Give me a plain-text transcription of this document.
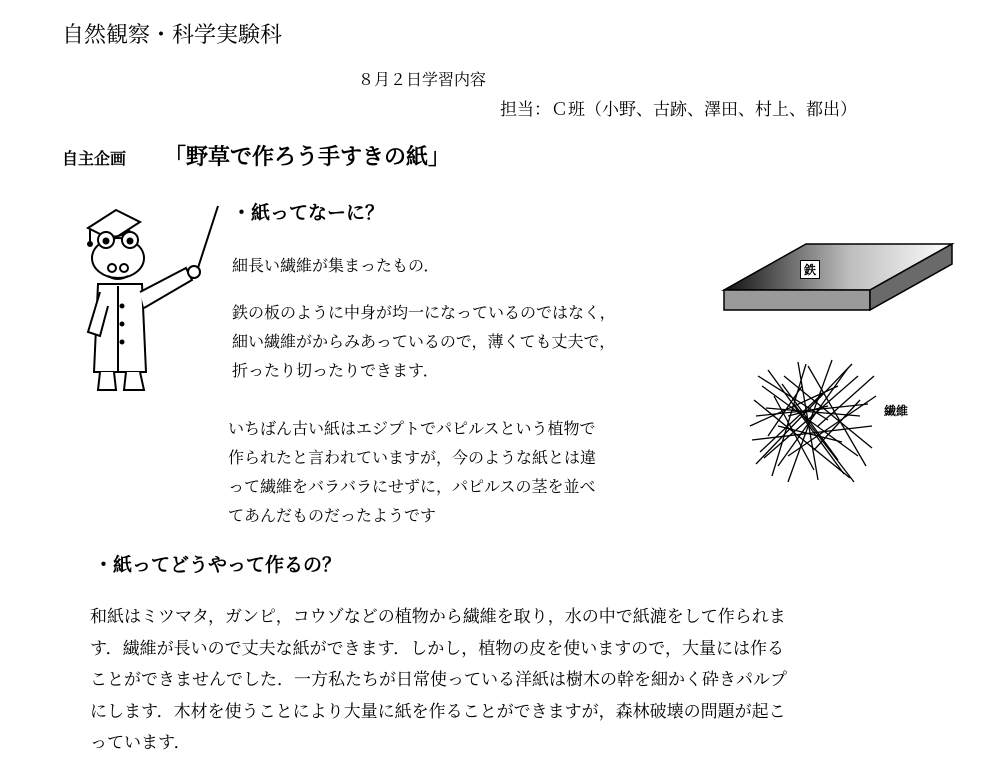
自然観察・科学実験科
８月２日学習内容
担当：Ｃ班（小野、古跡、澤田、村上、都出）
自主企画 「野草で作ろう手すきの紙」
・紙ってなーに？
細長い繊維が集まったもの．
鉄の板のように中身が均一になっているのではなく，
細い繊維がからみあっているので，薄くても丈夫で，
折ったり切ったりできます．
いちばん古い紙はエジプトでパピルスという植物で
作られたと言われていますが，今のような紙とは違
って繊維をバラバラにせずに，パピルスの茎を並べ
てあんだものだったようです
鉄
繊維
・紙ってどうやって作るの？
和紙はミツマタ，ガンピ，コウゾなどの植物から繊維を取り，水の中で紙漉をして作られま
す．繊維が長いので丈夫な紙ができます．しかし，植物の皮を使いますので，大量には作る
ことができませんでした．一方私たちが日常使っている洋紙は樹木の幹を細かく砕きパルプ
にします．木材を使うことにより大量に紙を作ることができますが，森林破壊の問題が起こ
っています．
